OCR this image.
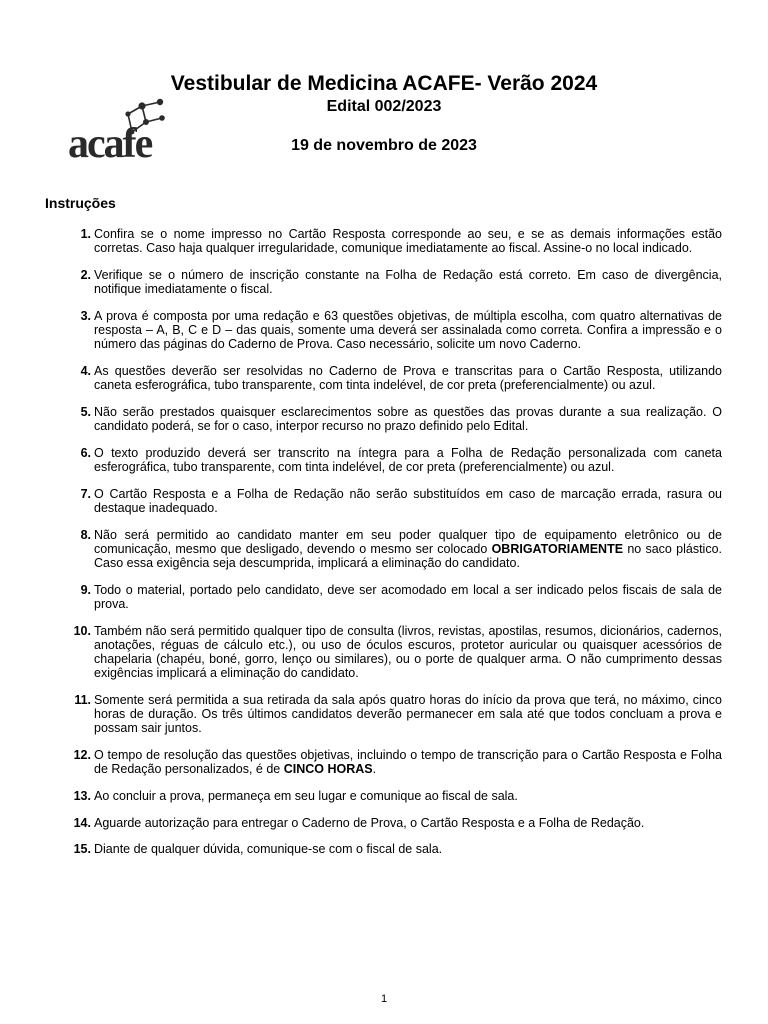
acafe
Vestibular de Medicina ACAFE- Verão 2024
Edital 002/2023
19 de novembro de 2023
Instruções
1. Confira se o nome impresso no Cartão Resposta corresponde ao seu, e se as demais informações estão corretas. Caso haja qualquer irregularidade, comunique imediatamente ao fiscal. Assine-o no local indicado.
2. Verifique se o número de inscrição constante na Folha de Redação está correto. Em caso de divergência, notifique imediatamente o fiscal.
3. A prova é composta por uma redação e 63 questões objetivas, de múltipla escolha, com quatro alternativas de resposta – A, B, C e D – das quais, somente uma deverá ser assinalada como correta. Confira a impressão e o número das páginas do Caderno de Prova. Caso necessário, solicite um novo Caderno.
4. As questões deverão ser resolvidas no Caderno de Prova e transcritas para o Cartão Resposta, utilizando caneta esferográfica, tubo transparente, com tinta indelével, de cor preta (preferencialmente) ou azul.
5. Não serão prestados quaisquer esclarecimentos sobre as questões das provas durante a sua realização. O candidato poderá, se for o caso, interpor recurso no prazo definido pelo Edital.
6. O texto produzido deverá ser transcrito na íntegra para a Folha de Redação personalizada com caneta esferográfica, tubo transparente, com tinta indelével, de cor preta (preferencialmente) ou azul.
7. O Cartão Resposta e a Folha de Redação não serão substituídos em caso de marcação errada, rasura ou destaque inadequado.
8. Não será permitido ao candidato manter em seu poder qualquer tipo de equipamento eletrônico ou de comunicação, mesmo que desligado, devendo o mesmo ser colocado OBRIGATORIAMENTE no saco plástico. Caso essa exigência seja descumprida, implicará a eliminação do candidato.
9. Todo o material, portado pelo candidato, deve ser acomodado em local a ser indicado pelos fiscais de sala de prova.
10. Também não será permitido qualquer tipo de consulta (livros, revistas, apostilas, resumos, dicionários, cadernos, anotações, réguas de cálculo etc.), ou uso de óculos escuros, protetor auricular ou quaisquer acessórios de chapelaria (chapéu, boné, gorro, lenço ou similares), ou o porte de qualquer arma. O não cumprimento dessas exigências implicará a eliminação do candidato.
11. Somente será permitida a sua retirada da sala após quatro horas do início da prova que terá, no máximo, cinco horas de duração. Os três últimos candidatos deverão permanecer em sala até que todos concluam a prova e possam sair juntos.
12. O tempo de resolução das questões objetivas, incluindo o tempo de transcrição para o Cartão Resposta e Folha de Redação personalizados, é de CINCO HORAS.
13. Ao concluir a prova, permaneça em seu lugar e comunique ao fiscal de sala.
14. Aguarde autorização para entregar o Caderno de Prova, o Cartão Resposta e a Folha de Redação.
15. Diante de qualquer dúvida, comunique-se com o fiscal de sala.
1
